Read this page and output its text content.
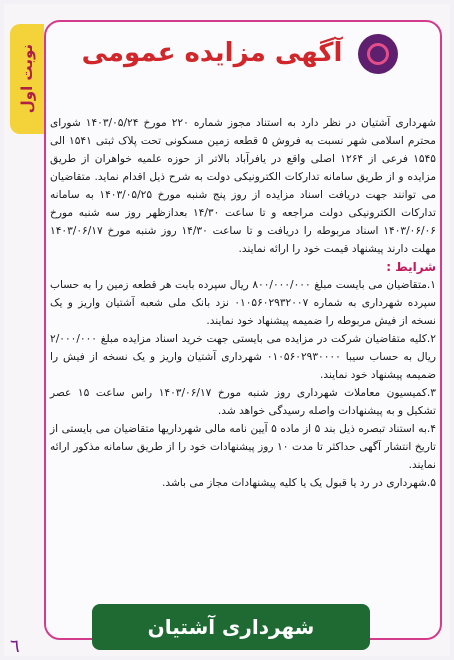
نوبت اول آگهی مزایده عمومی

شهرداری آشتیان در نظر دارد به استناد مجوز شماره ۲۲۰ مورخ ۱۴۰۳/۰۵/۲۴ شورای محترم اسلامی شهر نسبت به فروش ۵ قطعه زمین مسکونی تحت پلاک ثبتی ۱۵۴۱ الی ۱۵۴۵ فرعی از ۱۲۶۴ اصلی واقع در یافرآباد بالاتر از حوزه علمیه خواهران از طریق مزایده و از طریق سامانه تدارکات الکترونیکی دولت به شرح ذیل اقدام نماید. متقاضیان می توانند جهت دریافت اسناد مزایده از روز پنج شنبه مورخ ۱۴۰۳/۰۵/۲۵ به سامانه تدارکات الکترونیکی دولت مراجعه و تا ساعت ۱۴/۳۰ بعدازظهر روز سه شنبه مورخ ۱۴۰۳/۰۶/۰۶ اسناد مربوطه را دریافت و تا ساعت ۱۴/۳۰ روز شنبه مورخ ۱۴۰۳/۰۶/۱۷ مهلت دارند پیشنهاد قیمت خود را ارائه نمایند.

شرایط :

۱.متقاضیان می بایست مبلغ ۸۰۰/۰۰۰/۰۰۰ ریال سپرده بابت هر قطعه زمین را به حساب سپرده شهرداری به شماره ۰۱۰۵۶۰۲۹۳۲۰۰۷ نزد بانک ملی شعبه آشتیان واریز و یک نسخه از فیش مربوطه را ضمیمه پیشنهاد خود نمایند.

۲.کلیه متقاضیان شرکت در مزایده می بایستی جهت خرید اسناد مزایده مبلغ ۲/۰۰۰/۰۰۰ ریال به حساب سیبا ۰۱۰۵۶۰۲۹۳۰۰۰۰ شهرداری آشتیان واریز و یک نسخه از فیش را ضمیمه پیشنهاد خود نمایند.

۳.کمیسیون معاملات شهرداری روز شنبه مورخ ۱۴۰۳/۰۶/۱۷ راس ساعت ۱۵ عصر تشکیل و به پیشنهادات واصله رسیدگی خواهد شد.

۴.به استناد تبصره ذیل بند ۵ از ماده ۵ آیین نامه مالی شهرداریها متقاضیان می بایستی از تاریخ انتشار آگهی حداکثر تا مدت ۱۰ روز پیشنهادات خود را از طریق سامانه مذکور ارائه نمایند.

۵.شهرداری در رد یا قبول یک یا کلیه پیشنهادات مجاز می باشد.

شهرداری آشتیان
٦
